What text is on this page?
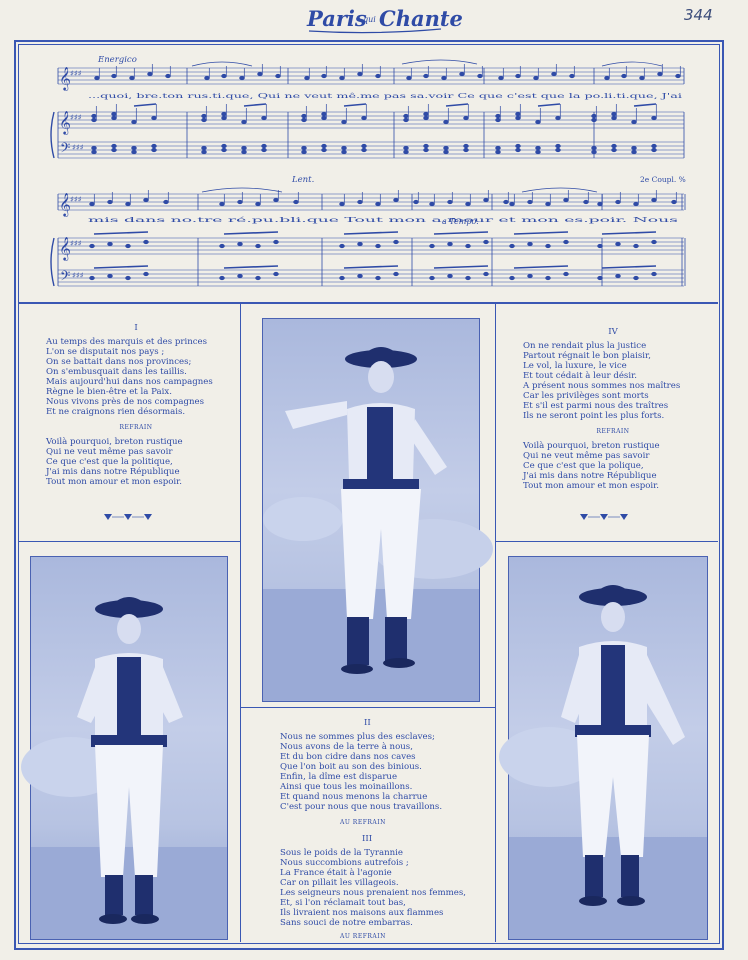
Paris
qui Chante	344
𝄞
𝄞
𝄢
𝄞
𝄞
𝄢
♯♯♯
♯♯♯
♯♯♯
♯♯♯
♯♯♯
♯♯♯
Energico
Lent.
a Tempo.
2e Coupl. %
...quoi, bre.ton rus.ti.que, Qui ne veut mê.me pas sa.voir Ce que c'est que la po.li.ti.que, J'ai
mis dans no.tre ré.pu.bli.que Tout mon a.mour et mon es.poir. Nous
I
Au temps des marquis et des princes
L'on se disputait nos pays ;
On se battait dans nos provinces;
On s'embusquait dans les taillis.
Mais aujourd'hui dans nos campagnes
Règne le bien-être et la Paix.
Nous vivons près de nos compagnes
Et ne craignons rien désormais.
REFRAIN
Voilà pourquoi, breton rustique
Qui ne veut même pas savoir
Ce que c'est que la politique,
J'ai mis dans notre République
Tout mon amour et mon espoir.
IV
On ne rendait plus la justice
Partout régnait le bon plaisir,
Le vol, la luxure, le vice
Et tout cédait à leur désir.
A présent nous sommes nos maîtres
Car les privilèges sont morts
Et s'il est parmi nous des traîtres
Ils ne seront point les plus forts.
REFRAIN
Voilà pourquoi, breton rustique
Qui ne veut même pas savoir
Ce que c'est que la polique,
J'ai mis dans notre République
Tout mon amour et mon espoir.
II
Nous ne sommes plus des esclaves;
Nous avons de la terre à nous,
Et du bon cidre dans nos caves
Que l'on boit au son des binious.
Enfin, la dîme est disparue
Ainsi que tous les moinaillons.
Et quand nous menons la charrue
C'est pour nous que nous travaillons.
AU REFRAIN
III
Sous le poids de la Tyrannie
Nous succombions autrefois ;
La France était à l'agonie
Car on pillait les villageois.
Les seigneurs nous prenaient nos femmes,
Et, si l'on réclamait tout bas,
Ils livraient nos maisons aux flammes
Sans souci de notre embarras.
AU REFRAIN
